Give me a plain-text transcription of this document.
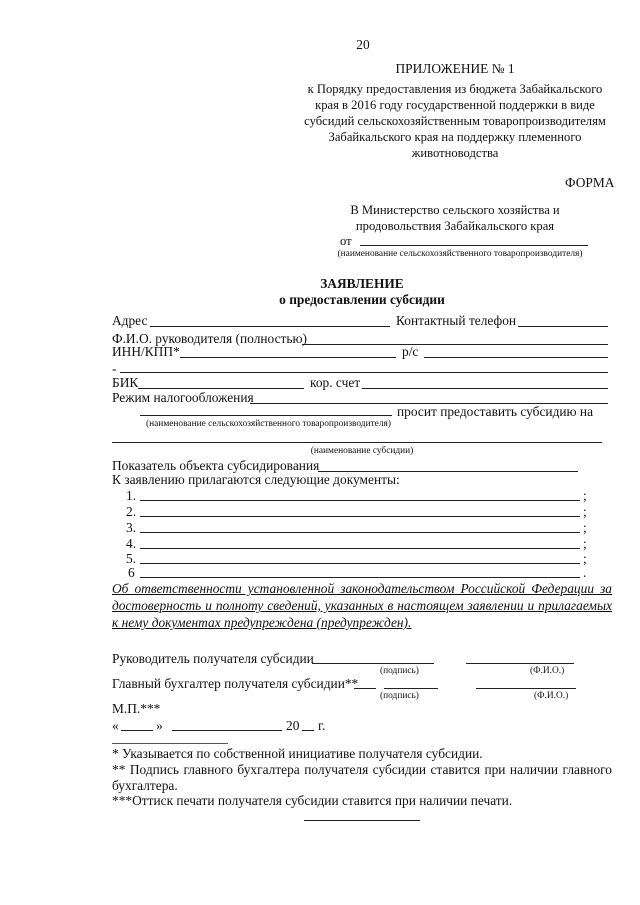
20
ПРИЛОЖЕНИЕ № 1
к Порядку предоставления из бюджета Забайкальского
края в 2016 году государственной поддержки в виде
субсидий сельскохозяйственным товаропроизводителям
Забайкальского края на поддержку племенного
животноводства
ФОРМА
В Министерство сельского хозяйства и
продовольствия Забайкальского края
от
(наименование сельскохозяйственного товаропроизводителя)
ЗАЯВЛЕНИЕ
о предоставлении субсидии
Адрес	Контактный телефон
Ф.И.О. руководителя (полностью)
ИНН/КПП*	р/с
-
БИК	кор. счет
Режим налогообложения
просит предоставить субсидию на
(наименование сельскохозяйственного товаропроизводителя)
(наименование субсидии)
Показатель объекта субсидирования
К заявлению прилагаются следующие документы:
1.	;
2.	;
3.	;
4.	;
5.	;
6	.
Об ответственности установленной законодательством Российской Федерации за достоверность и полноту сведений, указанных в настоящем заявлении и прилагаемых к нему документах предупреждена (предупрежден).
Руководитель получателя субсидии
(подпись)	(Ф.И.О.)
Главный бухгалтер получателя субсидии**
(подпись)	(Ф.И.О.)
М.П.***
«	»	20 г.
* Указывается по собственной инициативе получателя субсидии.
** Подпись главного бухгалтера получателя субсидии ставится при наличии главного бухгалтера.
***Оттиск печати получателя субсидии ставится при наличии печати.
